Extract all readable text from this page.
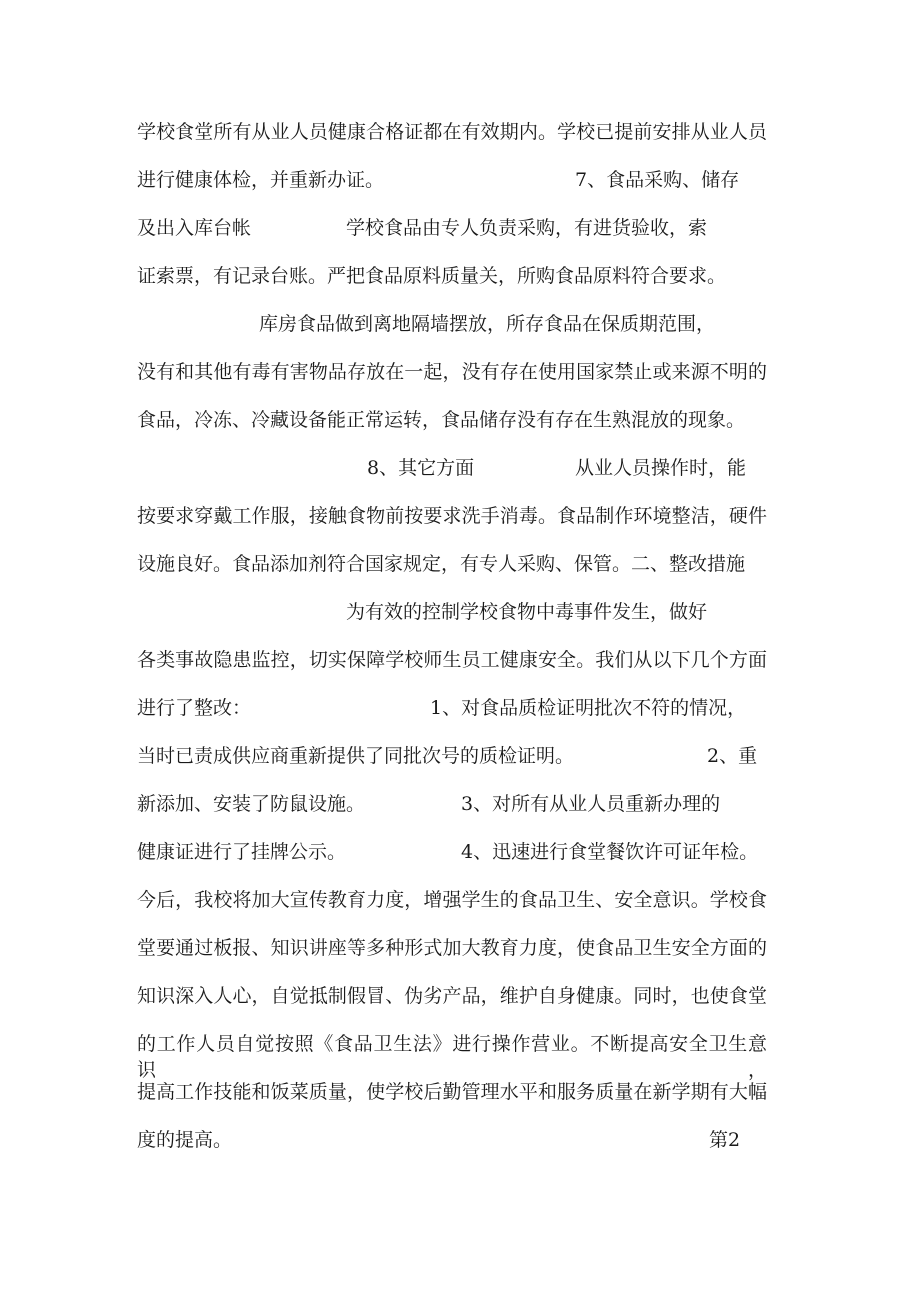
学校食堂所有从业人员健康合格证都在有效期内。学校已提前安排从业人员
进行健康体检，并重新办证。	7、食品采购、储存
及出入库台帐	学校食品由专人负责采购，有进货验收，索
证索票，有记录台账。严把食品原料质量关，所购食品原料符合要求。
库房食品做到离地隔墙摆放，所存食品在保质期范围，
没有和其他有毒有害物品存放在一起，没有存在使用国家禁止或来源不明的
食品，冷冻、冷藏设备能正常运转，食品储存没有存在生熟混放的现象。
8、其它方面	从业人员操作时，能
按要求穿戴工作服，接触食物前按要求洗手消毒。食品制作环境整洁，硬件
设施良好。食品添加剂符合国家规定，有专人采购、保管。二、整改措施
为有效的控制学校食物中毒事件发生，做好
各类事故隐患监控，切实保障学校师生员工健康安全。我们从以下几个方面
进行了整改：	1、对食品质检证明批次不符的情况，
当时已责成供应商重新提供了同批次号的质检证明。	2、重
新添加、安装了防鼠设施。	3、对所有从业人员重新办理的
健康证进行了挂牌公示。	4、迅速进行食堂餐饮许可证年检。
今后，我校将加大宣传教育力度，增强学生的食品卫生、安全意识。学校食
堂要通过板报、知识讲座等多种形式加大教育力度，使食品卫生安全方面的
知识深入人心，自觉抵制假冒、伪劣产品，维护自身健康。同时，也使食堂
的工作人员自觉按照《食品卫生法》进行操作营业。不断提高安全卫生意识，
提高工作技能和饭菜质量，使学校后勤管理水平和服务质量在新学期有大幅
度的提高。	第2
